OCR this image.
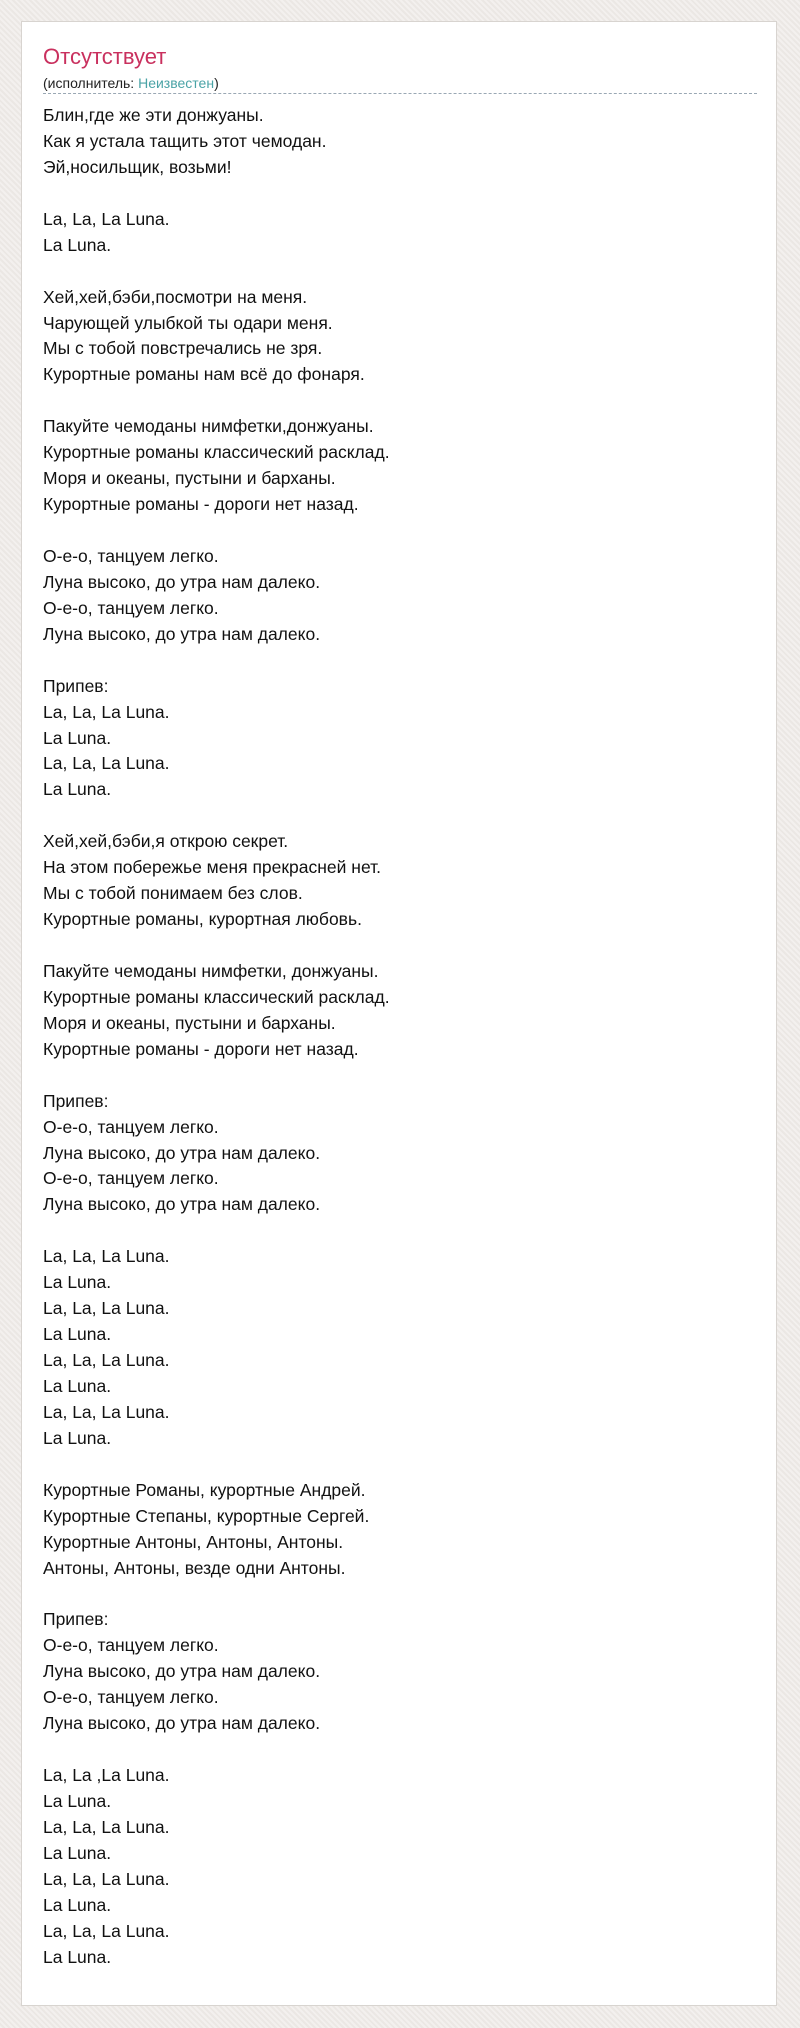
Отсутствует
(исполнитель: Неизвестен)
Блин,где же эти донжуаны.
Как я устала тащить этот чемодан.
Эй,носильщик, возьми!
La, La, La Luna.
La Luna.
Хей,хей,бэби,посмотри на меня.
Чарующей улыбкой ты одари меня.
Мы с тобой повстречались не зря.
Курортные романы нам всё до фонаря.
Пакуйте чемоданы нимфетки,донжуаны.
Курортные романы классический расклад.
Моря и океаны, пустыни и барханы.
Курортные романы - дороги нет назад.
О-е-о, танцуем легко.
Луна высоко, до утра нам далеко.
О-е-о, танцуем легко.
Луна высоко, до утра нам далеко.
Припев:
La, La, La Luna.
La Luna.
La, La, La Luna.
La Luna.
Хей,хей,бэби,я открою секрет.
На этом побережье меня прекрасней нет.
Мы с тобой понимаем без слов.
Курортные романы, курортная любовь.
Пакуйте чемоданы нимфетки, донжуаны.
Курортные романы классический расклад.
Моря и океаны, пустыни и барханы.
Курортные романы - дороги нет назад.
Припев:
О-е-о, танцуем легко.
Луна высоко, до утра нам далеко.
О-е-о, танцуем легко.
Луна высоко, до утра нам далеко.
La, La, La Luna.
La Luna.
La, La, La Luna.
La Luna.
La, La, La Luna.
La Luna.
La, La, La Luna.
La Luna.
Курортные Романы, курортные Андрей.
Курортные Степаны, курортные Сергей.
Курортные Антоны, Антоны, Антоны.
Антоны, Антоны, везде одни Антоны.
Припев:
О-е-о, танцуем легко.
Луна высоко, до утра нам далеко.
О-е-о, танцуем легко.
Луна высоко, до утра нам далеко.
La, La ,La Luna.
La Luna.
La, La, La Luna.
La Luna.
La, La, La Luna.
La Luna.
La, La, La Luna.
La Luna.
